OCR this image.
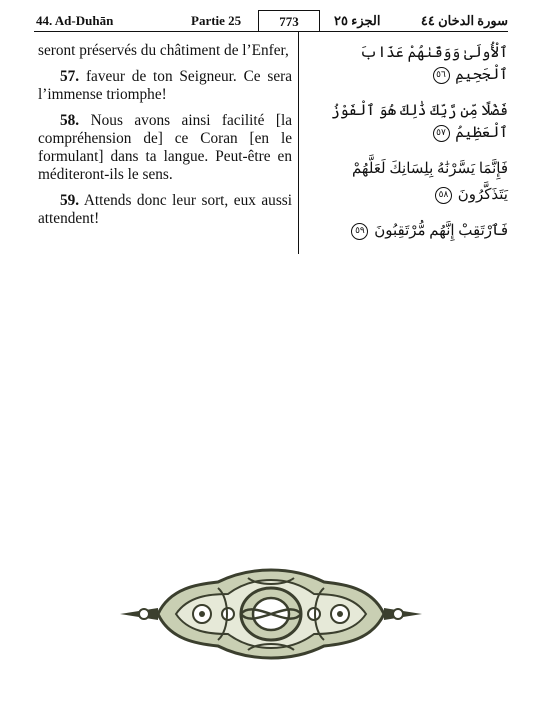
44. Ad-Duhān	Partie 25	773	الجزء ٢٥	سورة الدخان ٤٤

seront préservés du châtiment de l’Enfer,

57. faveur de ton Seigneur. Ce sera l’immense triomphe!

58. Nous avons ainsi facilité [la compréhension de] ce Coran [en le formulant] dans ta langue. Peut-être en méditeront-ils le sens.

59. Attends donc leur sort, eux aussi attendent!

ٱلْأُولَىٰ وَوَقَىٰهُمْ عَذَابَ ٱلْجَحِيمِ ٥٦
فَضْلًا مِّن رَّبِّكَ ذَٰلِكَ هُوَ ٱلْفَوْزُ ٱلْعَظِيمُ ٥٧
فَإِنَّمَا يَسَّرْنَٰهُ بِلِسَانِكَ لَعَلَّهُمْ
يَتَذَكَّرُونَ ٥٨
فَٱرْتَقِبْ إِنَّهُم مُّرْتَقِبُونَ ٥٩
